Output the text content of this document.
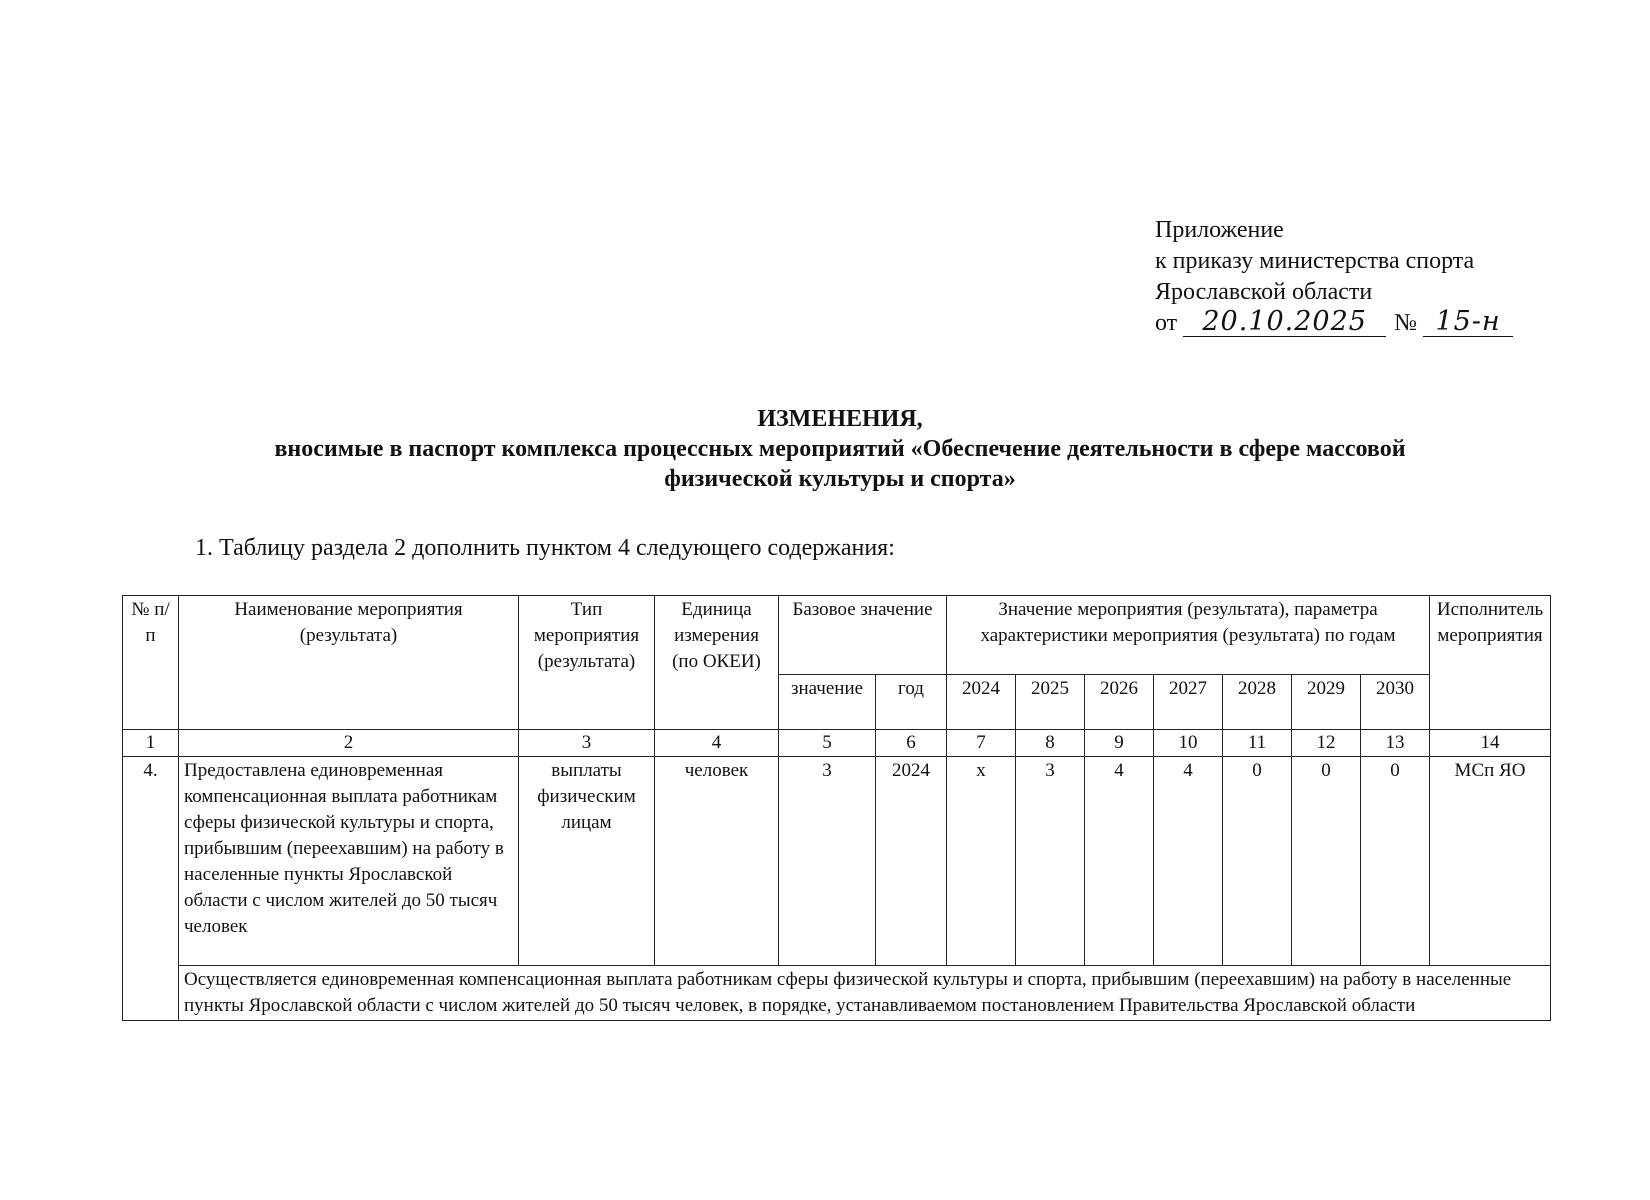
Приложение
к приказу министерства спорта
Ярославской области
от 20.10.2025 № 15-н
ИЗМЕНЕНИЯ,
вносимые в паспорт комплекса процессных мероприятий «Обеспечение деятельности в сфере массовой
физической культуры и спорта»
1. Таблицу раздела 2 дополнить пунктом 4 следующего содержания:
№ п/п	Наименование мероприятия (результата)	Тип мероприятия (результата)	Единица измерения (по ОКЕИ)	Базовое значение		Значение мероприятия (результата), параметра характеристики мероприятия (результата) по годам							Исполнитель мероприятия
				значение	год	2024	2025	2026	2027	2028	2029	2030	
1	2	3	4	5	6	7	8	9	10	11	12	13	14
4.	Предоставлена единовременная компенсационная выплата работникам сферы физической культуры и спорта, прибывшим (переехавшим) на работу в населенные пункты Ярославской области с числом жителей до 50 тысяч человек	выплаты физическим лицам	человек	3	2024	x	3	4	4	0	0	0	МСп ЯО
	Осуществляется единовременная компенсационная выплата работникам сферы физической культуры и спорта, прибывшим (переехавшим) на работу в населенные пункты Ярославской области с числом жителей до 50 тысяч человек, в порядке, устанавливаемом постановлением Правительства Ярославской области												
